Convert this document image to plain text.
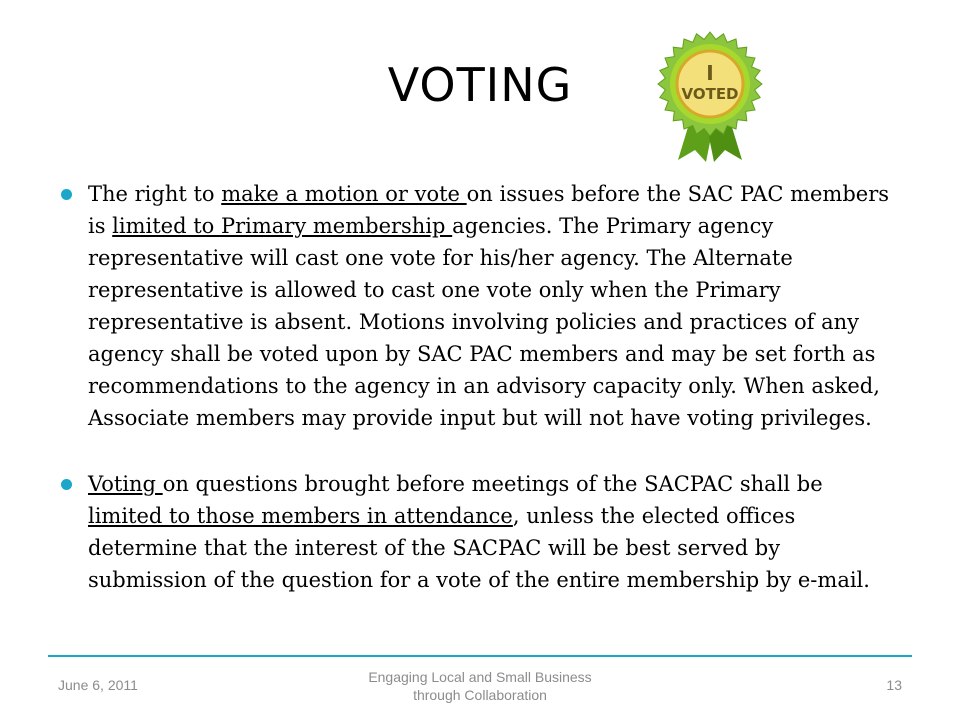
VOTING	I
VOTED
The right to make a motion or vote on issues before the SAC PAC members is limited to Primary membership agencies. The Primary agency representative will cast one vote for his/her agency. The Alternate representative is allowed to cast one vote only when the Primary representative is absent. Motions involving policies and practices of any agency shall be voted upon by SAC PAC members and may be set forth as recommendations to the agency in an advisory capacity only. When asked, Associate members may provide input but will not have voting privileges.
Voting on questions brought before meetings of the SACPAC shall be limited to those members in attendance, unless the elected offices determine that the interest of the SACPAC will be best served by submission of the question for a vote of the entire membership by e-mail.
June 6, 2011	Engaging Local and Small Business
through Collaboration
13
